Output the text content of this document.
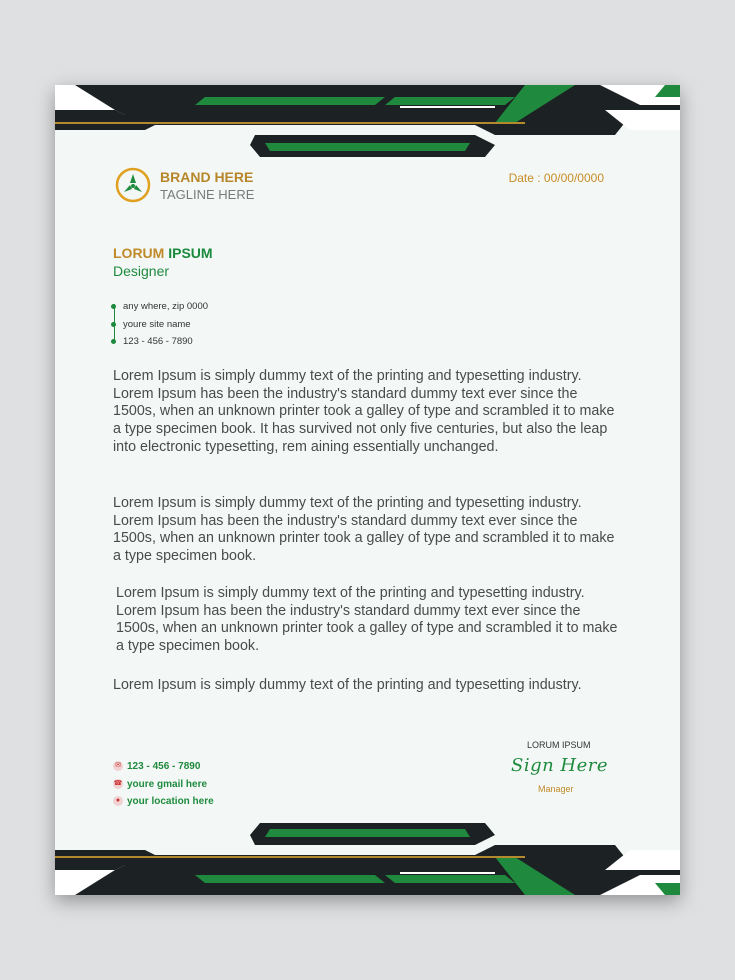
BRAND HERE
TAGLINE HERE
Date : 00/00/0000
LORUM IPSUM
Designer
any where, zip 0000
youre site name
123 - 456 - 7890

Lorem Ipsum is simply dummy text of the printing and typesetting industry. Lorem Ipsum has been the industry's standard dummy text ever since the 1500s, when an unknown printer took a galley of type and scrambled it to make a type specimen book. It has survived not only five centuries, but also the leap into electronic typesetting, rem aining essentially unchanged.

Lorem Ipsum is simply dummy text of the printing and typesetting industry. Lorem Ipsum has been the industry's standard dummy text ever since the 1500s, when an unknown printer took a galley of type and scrambled it to make a type specimen book.

Lorem Ipsum is simply dummy text of the printing and typesetting industry. Lorem Ipsum has been the industry's standard dummy text ever since the 1500s, when an unknown printer took a galley of type and scrambled it to make a type specimen book.

Lorem Ipsum is simply dummy text of the printing and typesetting industry.

✉ 123 - 456 - 7890
☎ youre gmail here
● your location here
LORUM IPSUM
Sign Here
Manager
